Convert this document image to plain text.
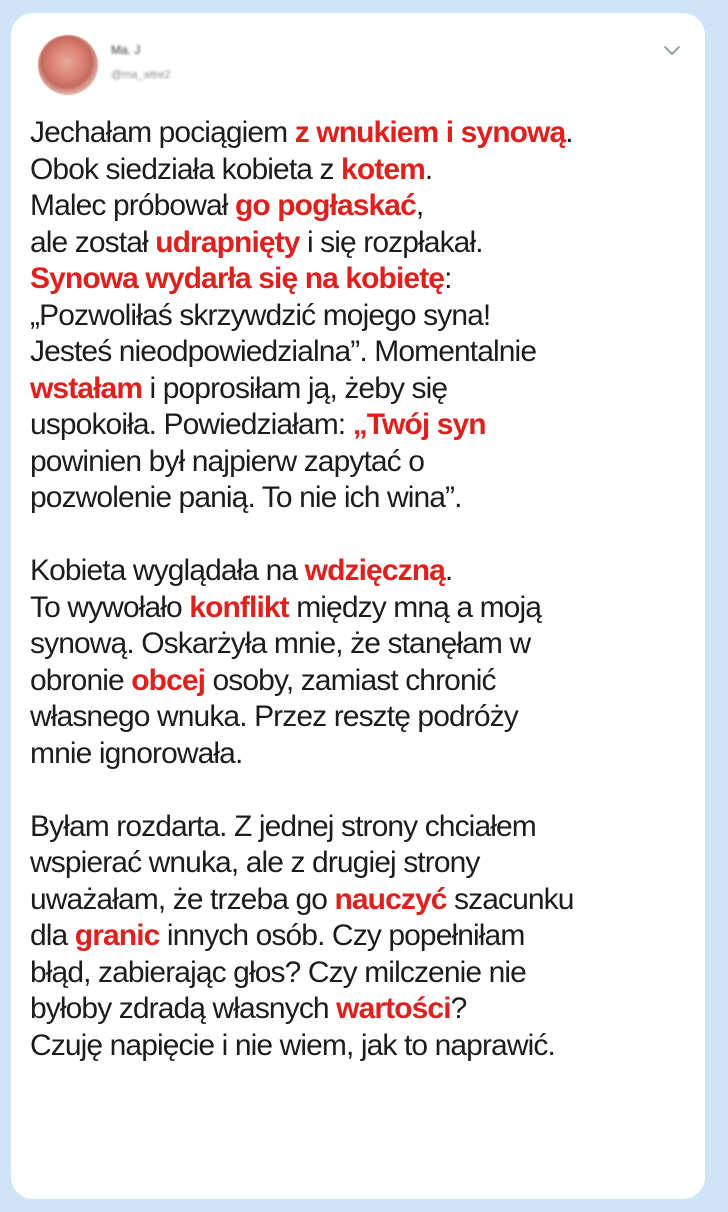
Ma. J
@ma_wtre2
Jechałam pociągiem z wnukiem i synową.
Obok siedziała kobieta z kotem.
Malec próbował go pogłaskać,
ale został udrapnięty i się rozpłakał.
Synowa wydarła się na kobietę:
„Pozwoliłaś skrzywdzić mojego syna!
Jesteś nieodpowiedzialna”. Momentalnie
wstałam i poprosiłam ją, żeby się
uspokoiła. Powiedziałam: „Twój syn
powinien był najpierw zapytać o
pozwolenie panią. To nie ich wina”.
Kobieta wyglądała na wdzięczną.
To wywołało konflikt między mną a moją
synową. Oskarżyła mnie, że stanęłam w
obronie obcej osoby, zamiast chronić
własnego wnuka. Przez resztę podróży
mnie ignorowała.
Byłam rozdarta. Z jednej strony chciałem
wspierać wnuka, ale z drugiej strony
uważałam, że trzeba go nauczyć szacunku
dla granic innych osób. Czy popełniłam
błąd, zabierając głos? Czy milczenie nie
byłoby zdradą własnych wartości?
Czuję napięcie i nie wiem, jak to naprawić.
